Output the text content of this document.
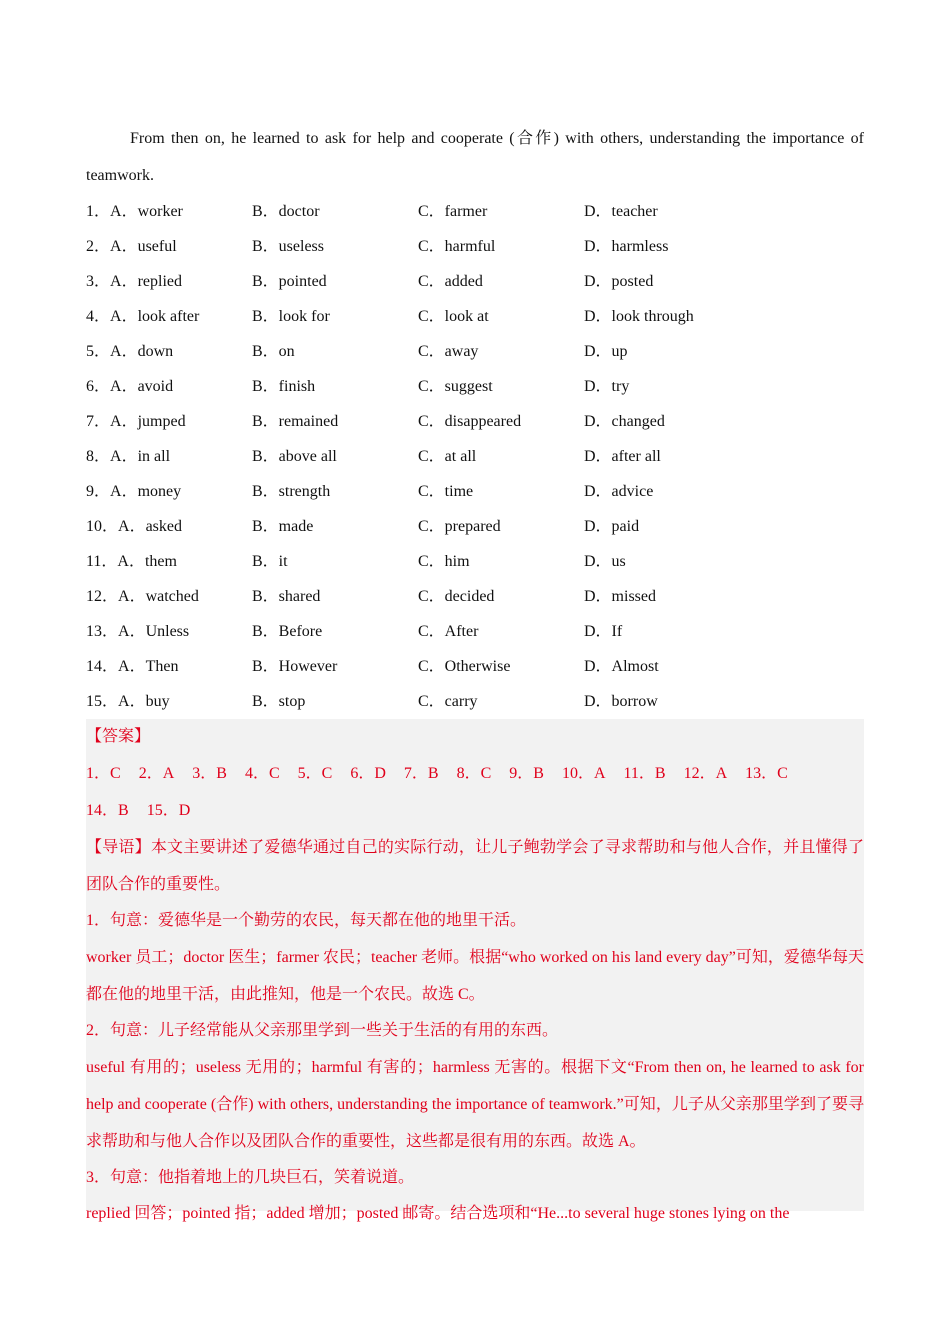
From then on, he learned to ask for help and cooperate (合作) with others, understanding the importance of teamwork.

1．A．worker	B．doctor	C．farmer	D．teacher
2．A．useful	B．useless	C．harmful	D．harmless
3．A．replied	B．pointed	C．added	D．posted
4．A．look after	B．look for	C．look at	D．look through
5．A．down	B．on	C．away	D．up
6．A．avoid	B．finish	C．suggest	D．try
7．A．jumped	B．remained	C．disappeared	D．changed
8．A．in all	B．above all	C．at all	D．after all
9．A．money	B．strength	C．time	D．advice
10．A．asked	B．made	C．prepared	D．paid
11．A．them	B．it	C．him	D．us
12．A．watched	B．shared	C．decided	D．missed
13．A．Unless	B．Before	C．After	D．If
14．A．Then	B．However	C．Otherwise	D．Almost
15．A．buy	B．stop	C．carry	D．borrow

【答案】

1．C 2．A 3．B 4．C 5．C 6．D 7．B 8．C 9．B 10．A 11．B 12．A 13．C
14．B 15．D

【导语】本文主要讲述了爱德华通过自己的实际行动，让儿子鲍勃学会了寻求帮助和与他人合作，并且懂得了团队合作的重要性。

1．句意：爱德华是一个勤劳的农民，每天都在他的地里干活。

worker 员工；doctor 医生；farmer 农民；teacher 老师。根据“who worked on his land every day”可知，爱德华每天都在他的地里干活，由此推知，他是一个农民。故选 C。

2．句意：儿子经常能从父亲那里学到一些关于生活的有用的东西。

useful 有用的；useless 无用的；harmful 有害的；harmless 无害的。根据下文“From then on, he learned to ask for help and cooperate (合作) with others, understanding the importance of teamwork.”可知，儿子从父亲那里学到了要寻求帮助和与他人合作以及团队合作的重要性，这些都是很有用的东西。故选 A。

3．句意：他指着地上的几块巨石，笑着说道。

replied 回答；pointed 指；added 增加；posted 邮寄。结合选项和“He...to several huge stones lying on the
